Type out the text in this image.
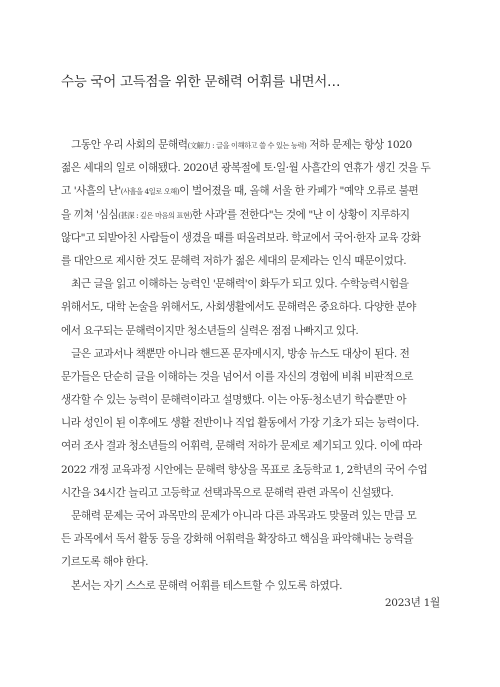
수능 국어 고득점을 위한 문해력 어휘를 내면서…
　그동안 우리 사회의 문해력(文解力 : 글을 이해하고 쓸 수 있는 능력) 저하 문제는 항상 1020
젊은 세대의 일로 이해됐다. 2020년 광복절에 토·일·월 사흘간의 연휴가 생긴 것을 두
고 '사흘의 난'(사흘을 4일로 오해)이 벌어졌을 때, 올해 서울 한 카페가 "예약 오류로 불편
을 끼쳐 '심심(甚深 : 깊은 마음의 표현)한 사과'를 전한다"는 것에 "난 이 상황이 지루하지
않다"고 되받아친 사람들이 생겼을 때를 떠올려보라. 학교에서 국어·한자 교육 강화
를 대안으로 제시한 것도 문해력 저하가 젊은 세대의 문제라는 인식 때문이었다.
　최근 글을 읽고 이해하는 능력인 '문해력'이 화두가 되고 있다. 수학능력시험을
위해서도, 대학 논술을 위해서도, 사회생활에서도 문해력은 중요하다. 다양한 분야
에서 요구되는 문해력이지만 청소년들의 실력은 점점 나빠지고 있다.
　글은 교과서나 책뿐만 아니라 핸드폰 문자메시지, 방송 뉴스도 대상이 된다. 전
문가들은 단순히 글을 이해하는 것을 넘어서 이를 자신의 경험에 비춰 비판적으로
생각할 수 있는 능력이 문해력이라고 설명했다. 이는 아동·청소년기 학습뿐만 아
니라 성인이 된 이후에도 생활 전반이나 직업 활동에서 가장 기초가 되는 능력이다.
여러 조사 결과 청소년들의 어휘력, 문해력 저하가 문제로 제기되고 있다. 이에 따라
2022 개정 교육과정 시안에는 문해력 향상을 목표로 초등학교 1, 2학년의 국어 수업
시간을 34시간 늘리고 고등학교 선택과목으로 문해력 관련 과목이 신설됐다.
　문해력 문제는 국어 과목만의 문제가 아니라 다른 과목과도 맞물려 있는 만큼 모
든 과목에서 독서 활동 등을 강화해 어휘력을 확장하고 핵심을 파악해내는 능력을
기르도록 해야 한다.
　본서는 자기 스스로 문해력 어휘를 테스트할 수 있도록 하였다.
2023년 1월
